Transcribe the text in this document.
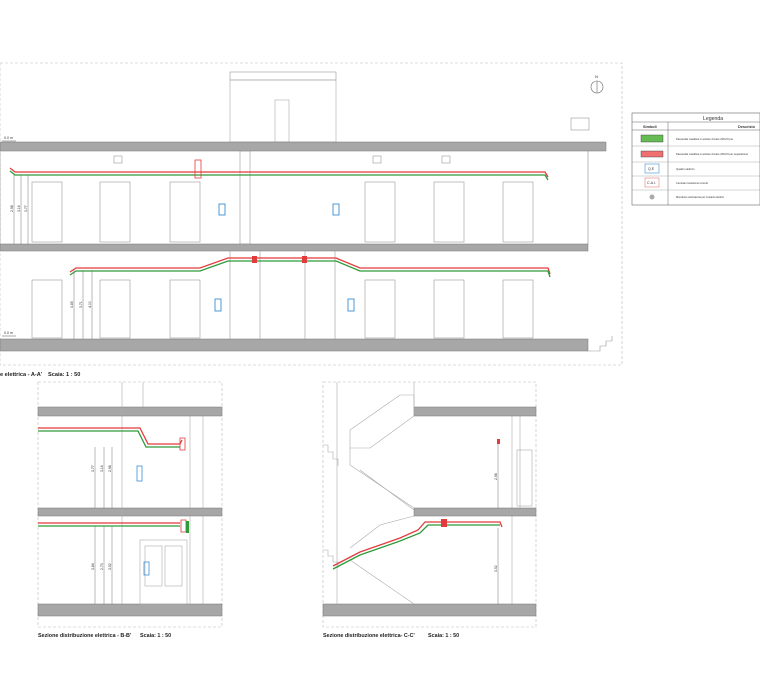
0.0 m
0.0 m
2.98 3.16 3.77
3.85 3.71 4.00
e elettrica - A-A' Scaia: 1 : 50
N
Legenda
Simboli	Descrizio
Q.E
C.A.I.
Passerella metallica in acciaio zincato 200x70 per
Passerella metallica in acciaio zincato 200x70 per separazione
Quadro elettrico
Centrale rivelazione incendi
Montante sottotraccia per impianti elettrici
3.77 3.16 2.98
3.84 2.73 3.52
Sezione distribuzione elettrica - B-B' Scaia: 1 : 50
2.98
3.52
Sezione distribuzione elettrica- C-C' Scaia: 1 : 50
